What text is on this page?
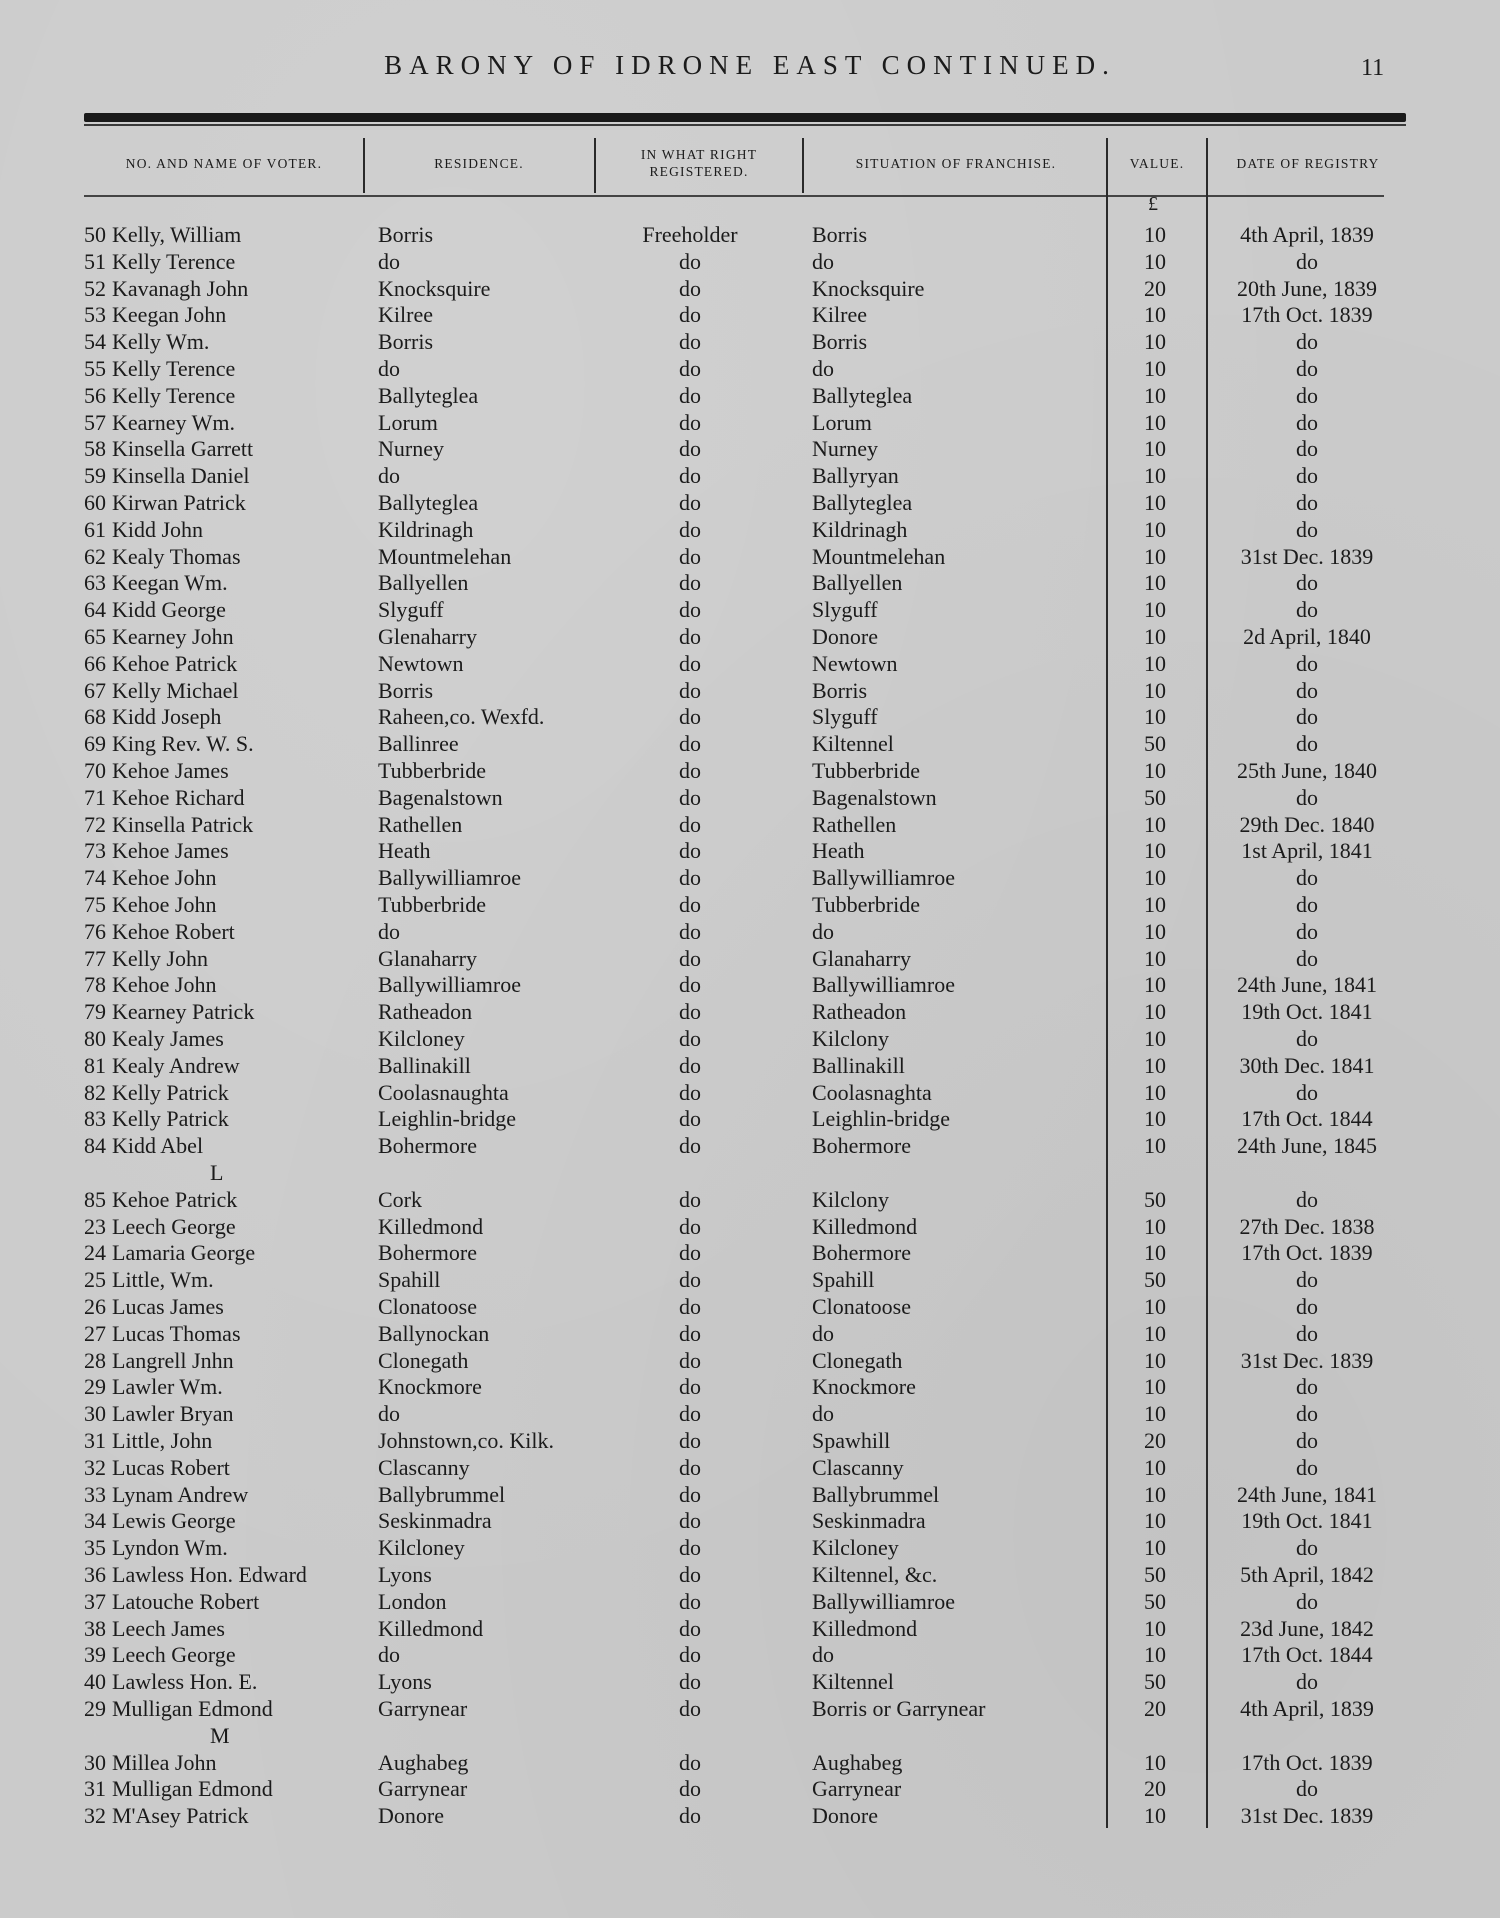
BARONY OF IDRONE EAST CONTINUED.	11
NO. AND NAME OF VOTER.	RESIDENCE.
IN WHAT RIGHT REGISTERED.
SITUATION OF FRANCHISE.	VALUE.	DATE OF REGISTRY
£
50 Kelly, William	Borris	Freeholder	Borris	10	4th April, 1839
51 Kelly Terence	do	do	do	10	do
52 Kavanagh John	Knocksquire	do	Knocksquire	20	20th June, 1839
53 Keegan John	Kilree	do	Kilree	10	17th Oct. 1839
54 Kelly Wm.	Borris	do	Borris	10	do
55 Kelly Terence	do	do	do	10	do
56 Kelly Terence	Ballyteglea	do	Ballyteglea	10	do
57 Kearney Wm.	Lorum	do	Lorum	10	do
58 Kinsella Garrett	Nurney	do	Nurney	10	do
59 Kinsella Daniel	do	do	Ballyryan	10	do
60 Kirwan Patrick	Ballyteglea	do	Ballyteglea	10	do
61 Kidd John	Kildrinagh	do	Kildrinagh	10	do
62 Kealy Thomas	Mountmelehan	do	Mountmelehan	10	31st Dec. 1839
63 Keegan Wm.	Ballyellen	do	Ballyellen	10	do
64 Kidd George	Slyguff	do	Slyguff	10	do
65 Kearney John	Glenaharry	do	Donore	10	2d April, 1840
66 Kehoe Patrick	Newtown	do	Newtown	10	do
67 Kelly Michael	Borris	do	Borris	10	do
68 Kidd Joseph	Raheen,co. Wexfd.	do	Slyguff	10	do
69 King Rev. W. S.	Ballinree	do	Kiltennel	50	do
70 Kehoe James	Tubberbride	do	Tubberbride	10	25th June, 1840
71 Kehoe Richard	Bagenalstown	do	Bagenalstown	50	do
72 Kinsella Patrick	Rathellen	do	Rathellen	10	29th Dec. 1840
73 Kehoe James	Heath	do	Heath	10	1st April, 1841
74 Kehoe John	Ballywilliamroe	do	Ballywilliamroe	10	do
75 Kehoe John	Tubberbride	do	Tubberbride	10	do
76 Kehoe Robert	do	do	do	10	do
77 Kelly John	Glanaharry	do	Glanaharry	10	do
78 Kehoe John	Ballywilliamroe	do	Ballywilliamroe	10	24th June, 1841
79 Kearney Patrick	Ratheadon	do	Ratheadon	10	19th Oct. 1841
80 Kealy James	Kilcloney	do	Kilclony	10	do
81 Kealy Andrew	Ballinakill	do	Ballinakill	10	30th Dec. 1841
82 Kelly Patrick	Coolasnaughta	do	Coolasnaghta	10	do
83 Kelly Patrick	Leighlin-bridge	do	Leighlin-bridge	10	17th Oct. 1844
84 Kidd Abel	Bohermore	do	Bohermore	10	24th June, 1845
L
85 Kehoe Patrick	Cork	do	Kilclony	50	do
23 Leech George	Killedmond	do	Killedmond	10	27th Dec. 1838
24 Lamaria George	Bohermore	do	Bohermore	10	17th Oct. 1839
25 Little, Wm.	Spahill	do	Spahill	50	do
26 Lucas James	Clonatoose	do	Clonatoose	10	do
27 Lucas Thomas	Ballynockan	do	do	10	do
28 Langrell Jnhn	Clonegath	do	Clonegath	10	31st Dec. 1839
29 Lawler Wm.	Knockmore	do	Knockmore	10	do
30 Lawler Bryan	do	do	do	10	do
31 Little, John	Johnstown,co. Kilk.	do	Spawhill	20	do
32 Lucas Robert	Clascanny	do	Clascanny	10	do
33 Lynam Andrew	Ballybrummel	do	Ballybrummel	10	24th June, 1841
34 Lewis George	Seskinmadra	do	Seskinmadra	10	19th Oct. 1841
35 Lyndon Wm.	Kilcloney	do	Kilcloney	10	do
36 Lawless Hon. Edward	Lyons	do	Kiltennel, &c.	50	5th April, 1842
37 Latouche Robert	London	do	Ballywilliamroe	50	do
38 Leech James	Killedmond	do	Killedmond	10	23d June, 1842
39 Leech George	do	do	do	10	17th Oct. 1844
40 Lawless Hon. E.	Lyons	do	Kiltennel	50	do
29 Mulligan Edmond	Garrynear	do	Borris or Garrynear	20	4th April, 1839
M
30 Millea John	Aughabeg	do	Aughabeg	10	17th Oct. 1839
31 Mulligan Edmond	Garrynear	do	Garrynear	20	do
32 M'Asey Patrick	Donore	do	Donore	10	31st Dec. 1839
